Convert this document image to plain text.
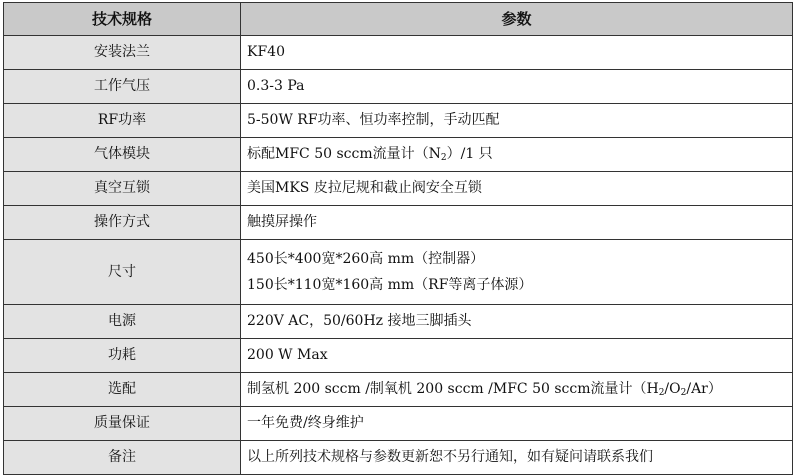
技术规格	参数
安装法兰	KF40
工作气压	0.3-3 Pa
RF功率	5-50W RF功率、恒功率控制，手动匹配
气体模块	标配MFC 50 sccm流量计$(N_2)/1$ 只
真空互锁	美国MKS 皮拉尼规和截止阀安全互锁
操作方式	触摸屏操作
尺寸	450长*400宽*260高 mm（控制器）
150长*110宽*160高 mm（RF等离子体源）

电源	220V AC，50/60Hz 接地三脚插头
功耗	200 W Max
选配	制氢机 200 sccm /制氧机 200 sccm /MFC 50 sccm流量计$(H_2/O_2/Ar)$
质量保证	一年免费/终身维护
备注	以上所列技术规格与参数更新恕不另行通知，如有疑问请联系我们
